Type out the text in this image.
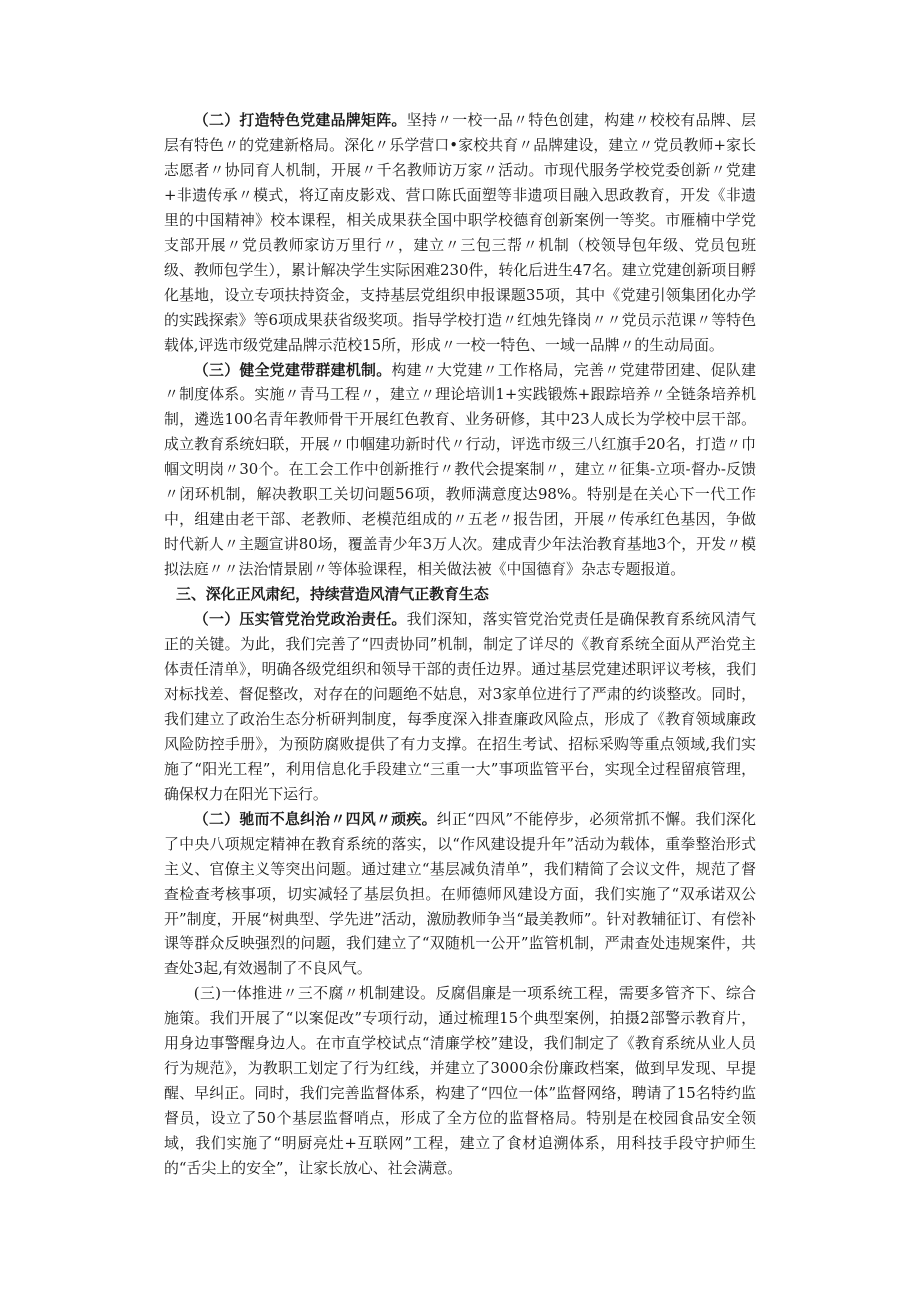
（二）打造特色党建品牌矩阵。坚持〃一校一品〃特色创建，构建〃校校有品牌、层层有特色〃的党建新格局。深化〃乐学营口•家校共育〃品牌建设，建立〃党员教师+家长志愿者〃协同育人机制，开展〃千名教师访万家〃活动。市现代服务学校党委创新〃党建+非遗传承〃模式，将辽南皮影戏、营口陈氏面塑等非遗项目融入思政教育，开发《非遗里的中国精神》校本课程，相关成果获全国中职学校德育创新案例一等奖。市雁楠中学党支部开展〃党员教师家访万里行〃，建立〃三包三帮〃机制（校领导包年级、党员包班级、教师包学生），累计解决学生实际困难230件，转化后进生47名。建立党建创新项目孵化基地，设立专项扶持资金，支持基层党组织申报课题35项，其中《党建引领集团化办学的实践探索》等6项成果获省级奖项。指导学校打造〃红烛先锋岗〃〃党员示范课〃等特色载体,评选市级党建品牌示范校15所，形成〃一校一特色、一域一品牌〃的生动局面。

（三）健全党建带群建机制。构建〃大党建〃工作格局，完善〃党建带团建、促队建〃制度体系。实施〃青马工程〃，建立〃理论培训1+实践锻炼+跟踪培养〃全链条培养机制，遴选100名青年教师骨干开展红色教育、业务研修，其中23人成长为学校中层干部。成立教育系统妇联，开展〃巾帼建功新时代〃行动，评选市级三八红旗手20名，打造〃巾帼文明岗〃30个。在工会工作中创新推行〃教代会提案制〃，建立〃征集-立项-督办-反馈〃闭环机制，解决教职工关切问题56项，教师满意度达98%。特别是在关心下一代工作中，组建由老干部、老教师、老模范组成的〃五老〃报告团，开展〃传承红色基因，争做时代新人〃主题宣讲80场，覆盖青少年3万人次。建成青少年法治教育基地3个，开发〃模拟法庭〃〃法治情景剧〃等体验课程，相关做法被《中国德育》杂志专题报道。

三、深化正风肃纪，持续营造风清气正教育生态

（一）压实管党治党政治责任。我们深知，落实管党治党责任是确保教育系统风清气正的关键。为此，我们完善了“四责协同”机制，制定了详尽的《教育系统全面从严治党主体责任清单》，明确各级党组织和领导干部的责任边界。通过基层党建述职评议考核，我们对标找差、督促整改，对存在的问题绝不姑息，对3家单位进行了严肃的约谈整改。同时，我们建立了政治生态分析研判制度，每季度深入排查廉政风险点，形成了《教育领域廉政风险防控手册》，为预防腐败提供了有力支撑。在招生考试、招标采购等重点领域,我们实施了“阳光工程”，利用信息化手段建立“三重一大”事项监管平台，实现全过程留痕管理，确保权力在阳光下运行。

（二）驰而不息纠治〃四风〃顽疾。纠正“四风”不能停步，必须常抓不懈。我们深化了中央八项规定精神在教育系统的落实，以“作风建设提升年”活动为载体，重拳整治形式主义、官僚主义等突出问题。通过建立“基层减负清单”，我们精简了会议文件，规范了督查检查考核事项，切实减轻了基层负担。在师德师风建设方面，我们实施了“双承诺双公开”制度，开展“树典型、学先进”活动，激励教师争当“最美教师”。针对教辅征订、有偿补课等群众反映强烈的问题，我们建立了“双随机一公开”监管机制，严肃查处违规案件，共查处3起,有效遏制了不良风气。

(三)一体推进〃三不腐〃机制建设。反腐倡廉是一项系统工程，需要多管齐下、综合施策。我们开展了“以案促改”专项行动，通过梳理15个典型案例，拍摄2部警示教育片，用身边事警醒身边人。在市直学校试点“清廉学校”建设，我们制定了《教育系统从业人员行为规范》，为教职工划定了行为红线，并建立了3000余份廉政档案，做到早发现、早提醒、早纠正。同时，我们完善监督体系，构建了“四位一体”监督网络，聘请了15名特约监督员，设立了50个基层监督哨点，形成了全方位的监督格局。特别是在校园食品安全领域，我们实施了“明厨亮灶+互联网”工程，建立了食材追溯体系，用科技手段守护师生的“舌尖上的安全”，让家长放心、社会满意。
